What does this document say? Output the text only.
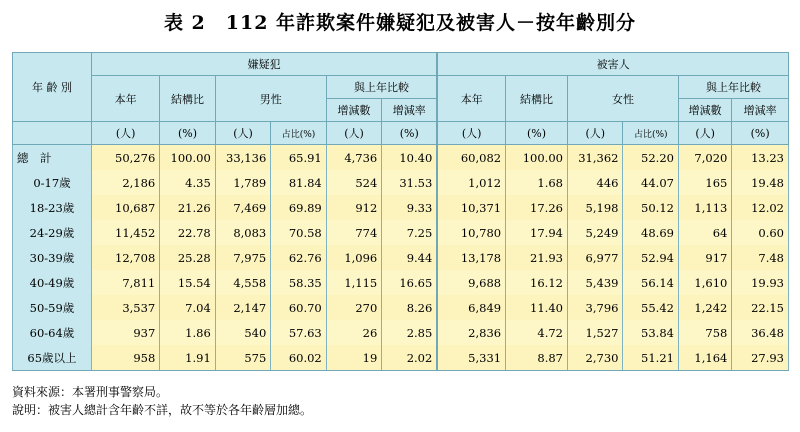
表 2　112 年詐欺案件嫌疑犯及被害人－按年齡別分
年 齡 別	嫌疑犯						被害人					
	本年	結構比	男性		與上年比較		本年	結構比	女性		與上年比較	
					增減數	增減率					增減數	增減率
	(人)	(%)	(人)	占比(%)	(人)	(%)	(人)	(%)	(人)	占比(%)	(人)	(%)
總　計	50,276	100.00	33,136	65.91	4,736	10.40	60,082	100.00	31,362	52.20	7,020	13.23
0-17歲	2,186	4.35	1,789	81.84	524	31.53	1,012	1.68	446	44.07	165	19.48
18-23歲	10,687	21.26	7,469	69.89	912	9.33	10,371	17.26	5,198	50.12	1,113	12.02
24-29歲	11,452	22.78	8,083	70.58	774	7.25	10,780	17.94	5,249	48.69	64	0.60
30-39歲	12,708	25.28	7,975	62.76	1,096	9.44	13,178	21.93	6,977	52.94	917	7.48
40-49歲	7,811	15.54	4,558	58.35	1,115	16.65	9,688	16.12	5,439	56.14	1,610	19.93
50-59歲	3,537	7.04	2,147	60.70	270	8.26	6,849	11.40	3,796	55.42	1,242	22.15
60-64歲	937	1.86	540	57.63	26	2.85	2,836	4.72	1,527	53.84	758	36.48
65歲以上	958	1.91	575	60.02	19	2.02	5,331	8.87	2,730	51.21	1,164	27.93
資料來源：本署刑事警察局。
說明：被害人總計含年齡不詳，故不等於各年齡層加總。
